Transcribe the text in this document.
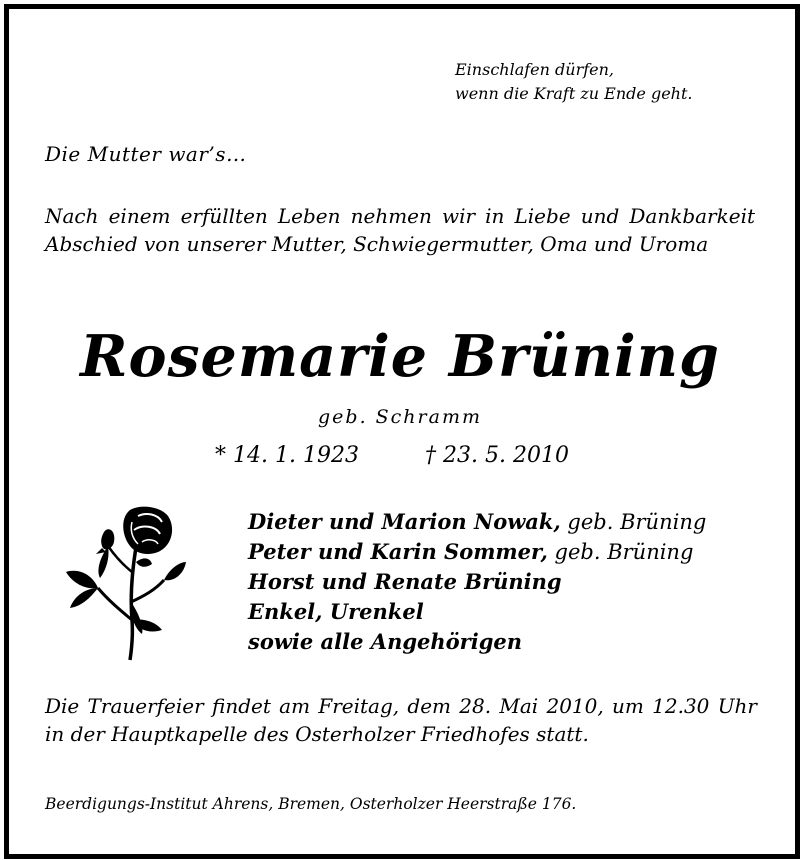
Einschlafen dürfen,
wenn die Kraft zu Ende geht.
Die Mutter war’s…
Nach einem erfüllten Leben nehmen wir in Liebe und Dankbarkeit Abschied von unserer Mutter, Schwiegermutter, Oma und Uroma
Rosemarie Brüning
geb. Schramm
* 14. 1. 1923	† 23. 5. 2010
Dieter und Marion Nowak, geb. Brüning
Peter und Karin Sommer, geb. Brüning
Horst und Renate Brüning
Enkel, Urenkel
sowie alle Angehörigen
Die Trauerfeier findet am Freitag, dem 28. Mai 2010, um 12.30 Uhr in der Hauptkapelle des Osterholzer Friedhofes statt.
Beerdigungs-Institut Ahrens, Bremen, Osterholzer Heerstraße 176.
